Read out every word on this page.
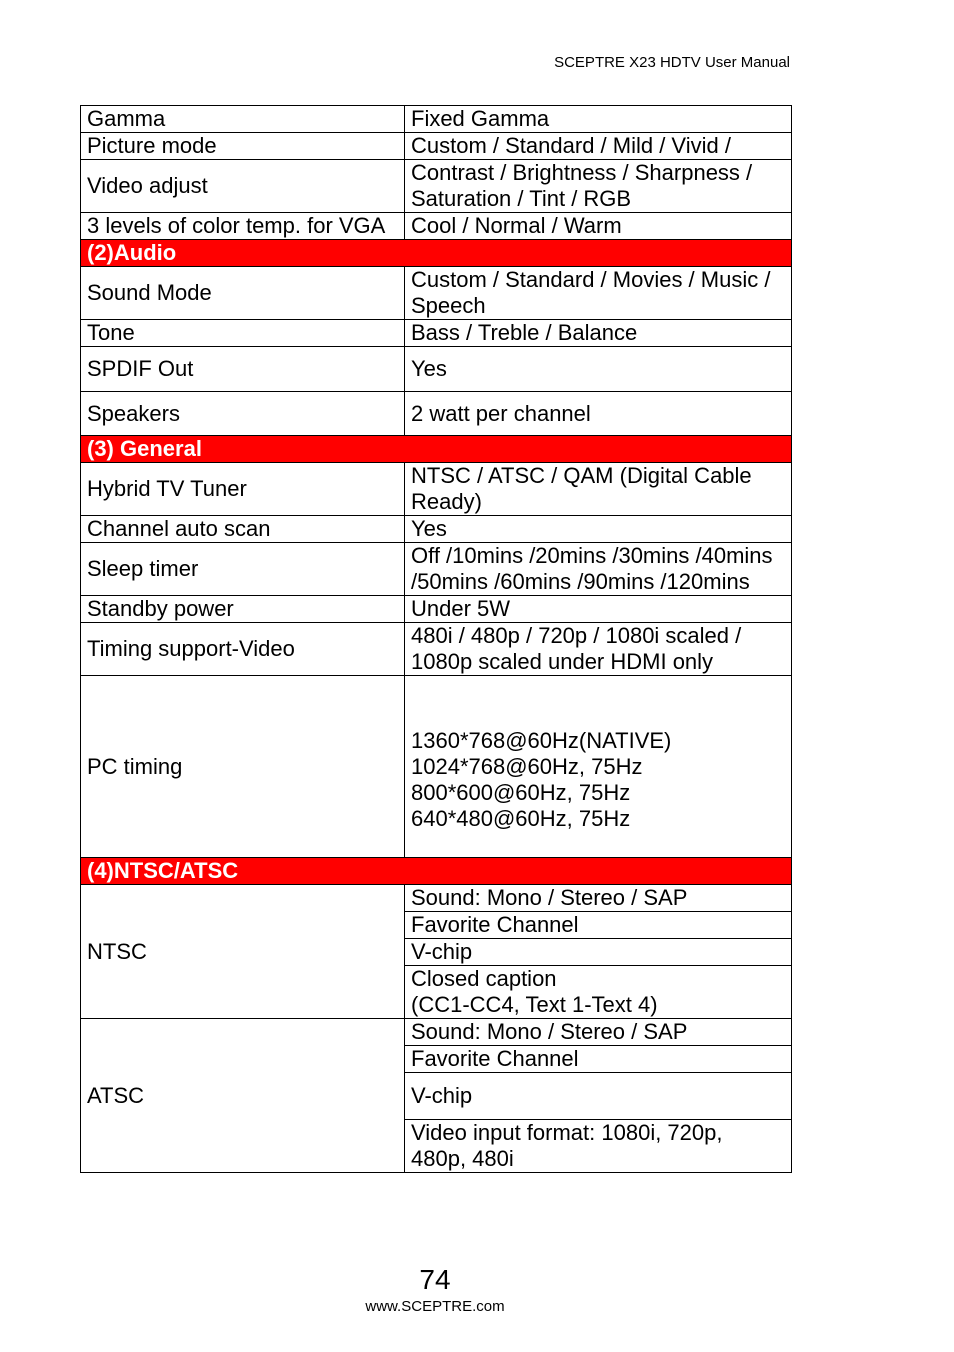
SCEPTRE X23 HDTV User Manual
Gamma	Fixed Gamma

Picture mode	Custom / Standard / Mild / Vivid /

Video adjust	Contrast / Brightness / Sharpness /
Saturation / Tint / RGB

3 levels of color temp. for VGA	Cool / Normal / Warm

(2)Audio	
Sound Mode	Custom / Standard / Movies / Music /
Speech

Tone	Bass / Treble / Balance

SPDIF Out	Yes

Speakers	2 watt per channel

(3) General	
Hybrid TV Tuner	NTSC / ATSC / QAM (Digital Cable
Ready)

Channel auto scan	Yes

Sleep timer	Off /10mins /20mins /30mins /40mins
/50mins /60mins /90mins /120mins

Standby power	Under 5W

Timing support-Video	480i / 480p / 720p / 1080i scaled /
1080p scaled under HDMI only

PC timing	1360*768@60Hz(NATIVE)
1024*768@60Hz, 75Hz
800*600@60Hz, 75Hz
640*480@60Hz, 75Hz

(4)NTSC/ATSC	
NTSC	Sound: Mono / Stereo / SAP

	Favorite Channel

	V-chip

	Closed caption
(CC1-CC4, Text 1-Text 4)

ATSC	Sound: Mono / Stereo / SAP

	Favorite Channel

	V-chip

	Video input format: 1080i, 720p,
480p, 480i
74
www.SCEPTRE.com
